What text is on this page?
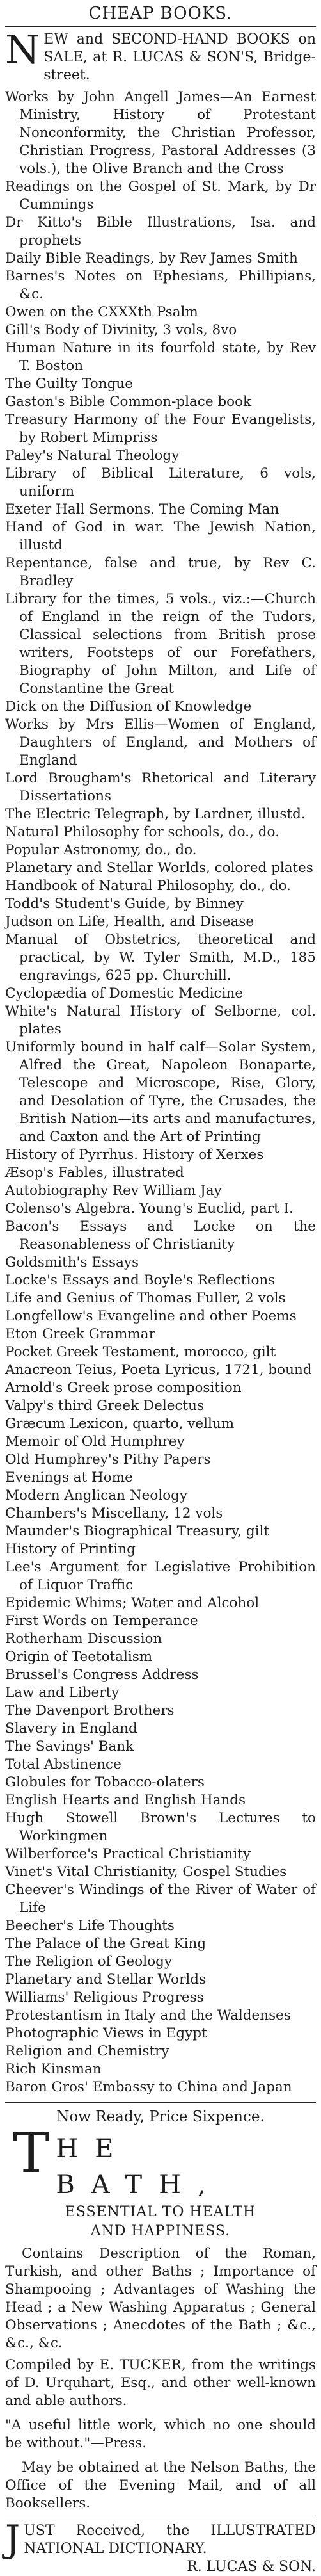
CHEAP BOOKS.
N EW and SECOND-HAND BOOKS on SALE, at R. LUCAS & SON'S, Bridge-street.
Works by John Angell James—An Earnest Ministry, History of Protestant Nonconformity, the Christian Professor, Christian Progress, Pastoral Addresses (3 vols.), the Olive Branch and the Cross
Readings on the Gospel of St. Mark, by Dr Cummings
Dr Kitto's Bible Illustrations, Isa. and prophets
Daily Bible Readings, by Rev James Smith
Barnes's Notes on Ephesians, Phillipians, &c.
Owen on the CXXXth Psalm
Gill's Body of Divinity, 3 vols, 8vo
Human Nature in its fourfold state, by Rev T. Boston
The Guilty Tongue
Gaston's Bible Common-place book
Treasury Harmony of the Four Evangelists, by Robert Mimpriss
Paley's Natural Theology
Library of Biblical Literature, 6 vols, uniform
Exeter Hall Sermons. The Coming Man
Hand of God in war. The Jewish Nation, illustd
Repentance, false and true, by Rev C. Bradley
Library for the times, 5 vols., viz.:—Church of England in the reign of the Tudors, Classical selections from British prose writers, Footsteps of our Forefathers, Biography of John Milton, and Life of Constantine the Great
Dick on the Diffusion of Knowledge
Works by Mrs Ellis—Women of England, Daughters of England, and Mothers of England
Lord Brougham's Rhetorical and Literary Dissertations
The Electric Telegraph, by Lardner, illustd.
Natural Philosophy for schools, do., do.
Popular Astronomy, do., do.
Planetary and Stellar Worlds, colored plates
Handbook of Natural Philosophy, do., do.
Todd's Student's Guide, by Binney
Judson on Life, Health, and Disease
Manual of Obstetrics, theoretical and practical, by W. Tyler Smith, M.D., 185 engravings, 625 pp. Churchill.
Cyclopædia of Domestic Medicine
White's Natural History of Selborne, col. plates
Uniformly bound in half calf—Solar System, Alfred the Great, Napoleon Bonaparte, Telescope and Microscope, Rise, Glory, and Desolation of Tyre, the Crusades, the British Nation—its arts and manufactures, and Caxton and the Art of Printing
History of Pyrrhus. History of Xerxes
Æsop's Fables, illustrated
Autobiography Rev William Jay
Colenso's Algebra. Young's Euclid, part I.
Bacon's Essays and Locke on the Reasonableness of Christianity
Goldsmith's Essays
Locke's Essays and Boyle's Reflections
Life and Genius of Thomas Fuller, 2 vols
Longfellow's Evangeline and other Poems
Eton Greek Grammar
Pocket Greek Testament, morocco, gilt
Anacreon Teius, Poeta Lyricus, 1721, bound
Arnold's Greek prose composition
Valpy's third Greek Delectus
Græcum Lexicon, quarto, vellum
Memoir of Old Humphrey
Old Humphrey's Pithy Papers
Evenings at Home
Modern Anglican Neology
Chambers's Miscellany, 12 vols
Maunder's Biographical Treasury, gilt
History of Printing
Lee's Argument for Legislative Prohibition of Liquor Traffic
Epidemic Whims; Water and Alcohol
First Words on Temperance
Rotherham Discussion
Origin of Teetotalism
Brussel's Congress Address
Law and Liberty
The Davenport Brothers
Slavery in England
The Savings' Bank
Total Abstinence
Globules for Tobacco-olaters
English Hearts and English Hands
Hugh Stowell Brown's Lectures to Workingmen
Wilberforce's Practical Christianity
Vinet's Vital Christianity, Gospel Studies
Cheever's Windings of the River of Water of Life
Beecher's Life Thoughts
The Palace of the Great King
The Religion of Geology
Planetary and Stellar Worlds
Williams' Religious Progress
Protestantism in Italy and the Waldenses
Photographic Views in Egypt
Religion and Chemistry
Rich Kinsman
Baron Gros' Embassy to China and Japan
Now Ready, Price Sixpence.
T HE BATH,
ESSENTIAL TO HEALTH
AND HAPPINESS.
Contains Description of the Roman, Turkish, and other Baths ; Importance of Shampooing ; Advantages of Washing the Head ; a New Washing Apparatus ; General Observations ; Anecdotes of the Bath ; &c., &c., &c.
Compiled by E. TUCKER, from the writings of D. Urquhart, Esq., and other well-known and able authors.
"A useful little work, which no one should be without."—Press.
May be obtained at the Nelson Baths, the Office of the Evening Mail, and of all Booksellers.
J UST Received, the ILLUSTRATED NATIONAL DICTIONARY.
R. LUCAS & SON.
